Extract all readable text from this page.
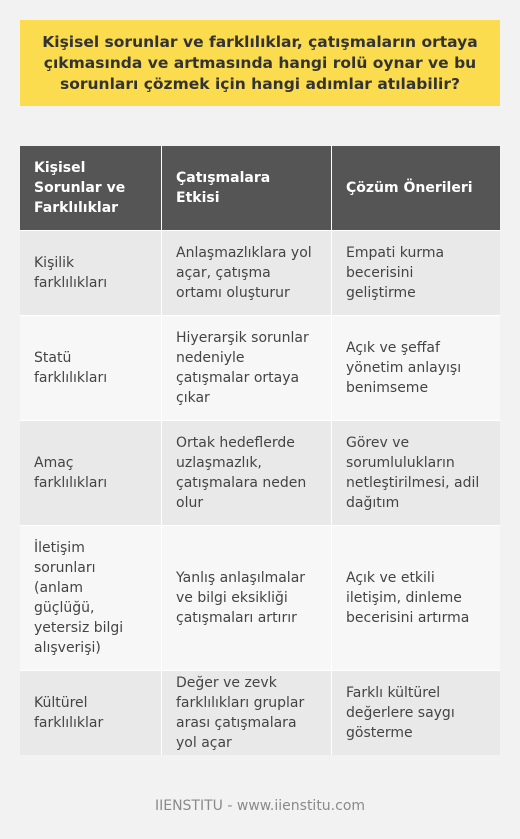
Kişisel sorunlar ve farklılıklar, çatışmaların ortaya çıkmasında ve artmasında hangi rolü oynar ve bu sorunları çözmek için hangi adımlar atılabilir?
Kişisel Sorunlar ve Farklılıklar	Çatışmalara Etkisi	Çözüm Önerileri
Kişilik farklılıkları	Anlaşmazlıklara yol açar, çatışma ortamı oluşturur	Empati kurma becerisini geliştirme
Statü farklılıkları	Hiyerarşik sorunlar nedeniyle çatışmalar ortaya çıkar	Açık ve şeffaf yönetim anlayışı benimseme
Amaç farklılıkları	Ortak hedeflerde uzlaşmazlık, çatışmalara neden olur	Görev ve sorumlulukların netleştirilmesi, adil dağıtım
İletişim sorunları (anlam güçlüğü, yetersiz bilgi alışverişi)	Yanlış anlaşılmalar ve bilgi eksikliği çatışmaları artırır	Açık ve etkili iletişim, dinleme becerisini artırma
Kültürel farklılıklar	Değer ve zevk farklılıkları gruplar arası çatışmalara yol açar	Farklı kültürel değerlere saygı gösterme
IIENSTITU - www.iienstitu.com
